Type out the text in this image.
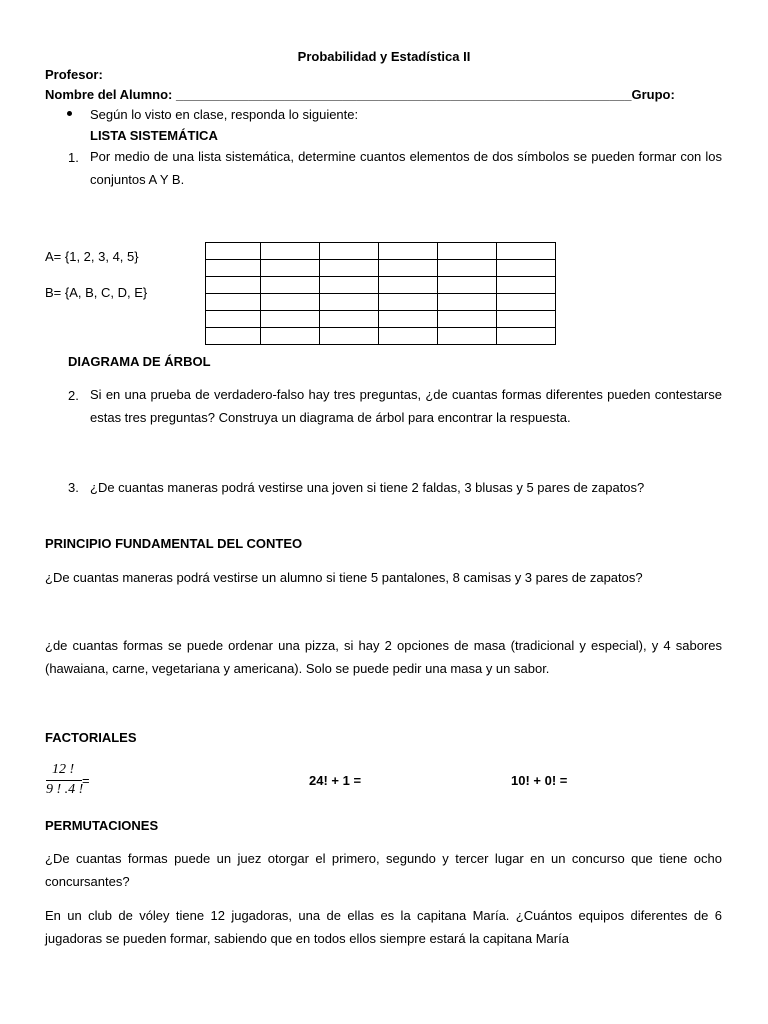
Probabilidad y Estadística II
Profesor:
Nombre del Alumno: _______________________________________________________________Grupo:
Según lo visto en clase, responda lo siguiente:
LISTA SISTEMÁTICA
1. Por medio de una lista sistemática, determine cuantos elementos de dos símbolos se pueden formar con los conjuntos A Y B.
A= {1, 2, 3, 4, 5}
B= {A, B, C, D, E}

DIAGRAMA DE ÁRBOL
2. Si en una prueba de verdadero-falso hay tres preguntas, ¿de cuantas formas diferentes pueden contestarse estas tres preguntas? Construya un diagrama de árbol para encontrar la respuesta.
3. ¿De cuantas maneras podrá vestirse una joven si tiene 2 faldas, 3 blusas y 5 pares de zapatos?
PRINCIPIO FUNDAMENTAL DEL CONTEO
¿De cuantas maneras podrá vestirse un alumno si tiene 5 pantalones, 8 camisas y 3 pares de zapatos?
¿de cuantas formas se puede ordenar una pizza, si hay 2 opciones de masa (tradicional y especial), y 4 sabores (hawaiana, carne, vegetariana y americana). Solo se puede pedir una masa y un sabor.
FACTORIALES
12 !
9 ! .4 !
=	24! + 1 =	10! + 0! =
PERMUTACIONES
¿De cuantas formas puede un juez otorgar el primero, segundo y tercer lugar en un concurso que tiene ocho concursantes?
En un club de vóley tiene 12 jugadoras, una de ellas es la capitana María. ¿Cuántos equipos diferentes de 6 jugadoras se pueden formar, sabiendo que en todos ellos siempre estará la capitana María
